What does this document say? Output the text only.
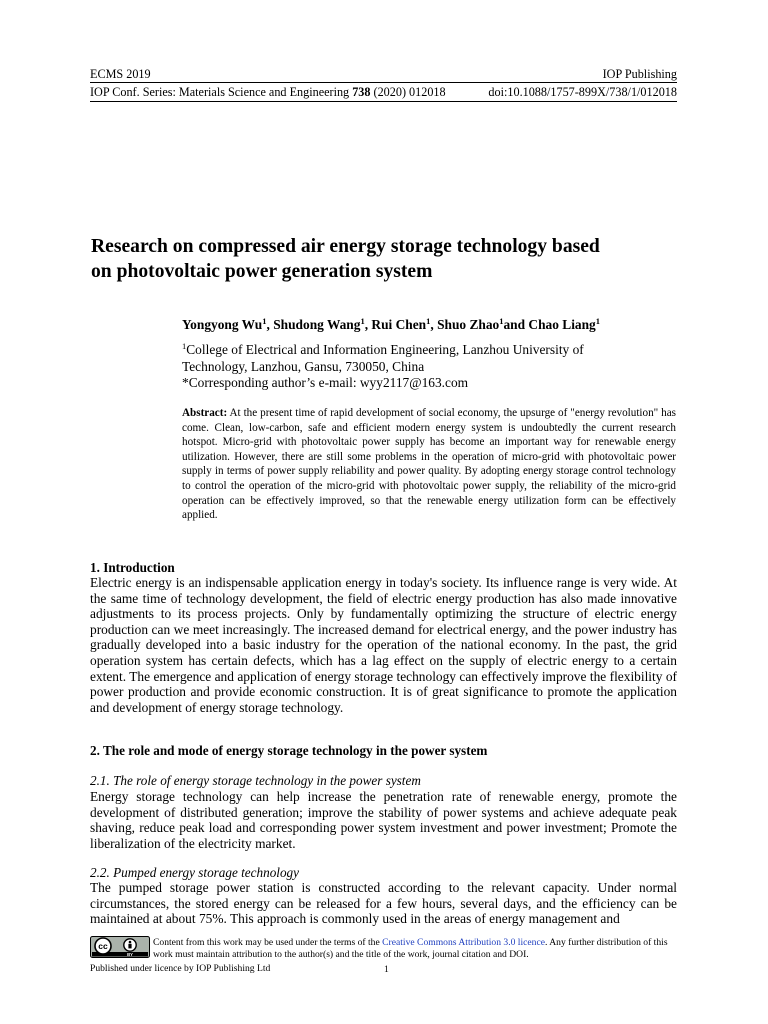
ECMS 2019	IOP Publishing
IOP Conf. Series: Materials Science and Engineering 738 (2020) 012018	doi:10.1088/1757-899X/738/1/012018
Research on compressed air energy storage technology based
on photovoltaic power generation system
Yongyong Wu$^1$, Shudong Wang$^1$, Rui Chen$^1$, Shuo Zhao$^1$and Chao Liang$^1$
$^1$College of Electrical and Information Engineering, Lanzhou University of
Technology, Lanzhou, Gansu, 730050, China
*Corresponding author’s e-mail: wyy2117@163.com
Abstract: At the present time of rapid development of social economy, the upsurge of "energy revolution" has come. Clean, low-carbon, safe and efficient modern energy system is undoubtedly the current research hotspot. Micro-grid with photovoltaic power supply has become an important way for renewable energy utilization. However, there are still some problems in the operation of micro-grid with photovoltaic power supply in terms of power supply reliability and power quality. By adopting energy storage control technology to control the operation of the micro-grid with photovoltaic power supply, the reliability of the micro-grid operation can be effectively improved, so that the renewable energy utilization form can be effectively applied.
1. Introduction
Electric energy is an indispensable application energy in today's society. Its influence range is very wide. At the same time of technology development, the field of electric energy production has also made innovative adjustments to its process projects. Only by fundamentally optimizing the structure of electric energy production can we meet increasingly. The increased demand for electrical energy, and the power industry has gradually developed into a basic industry for the operation of the national economy. In the past, the grid operation system has certain defects, which has a lag effect on the supply of electric energy to a certain extent. The emergence and application of energy storage technology can effectively improve the flexibility of power production and provide economic construction. It is of great significance to promote the application and development of energy storage technology.
2. The role and mode of energy storage technology in the power system
2.1. The role of energy storage technology in the power system
Energy storage technology can help increase the penetration rate of renewable energy, promote the development of distributed generation; improve the stability of power systems and achieve adequate peak shaving, reduce peak load and corresponding power system investment and power investment; Promote the liberalization of the electricity market.
2.2. Pumped energy storage technology
The pumped storage power station is constructed according to the relevant capacity. Under normal circumstances, the stored energy can be released for a few hours, several days, and the efficiency can be maintained at about 75%. This approach is commonly used in the areas of energy management and
cc
BY
Content from this work may be used under the terms of the Creative Commons Attribution 3.0 licence. Any further distribution of this work must maintain attribution to the author(s) and the title of the work, journal citation and DOI.
Published under licence by IOP Publishing Ltd	1
